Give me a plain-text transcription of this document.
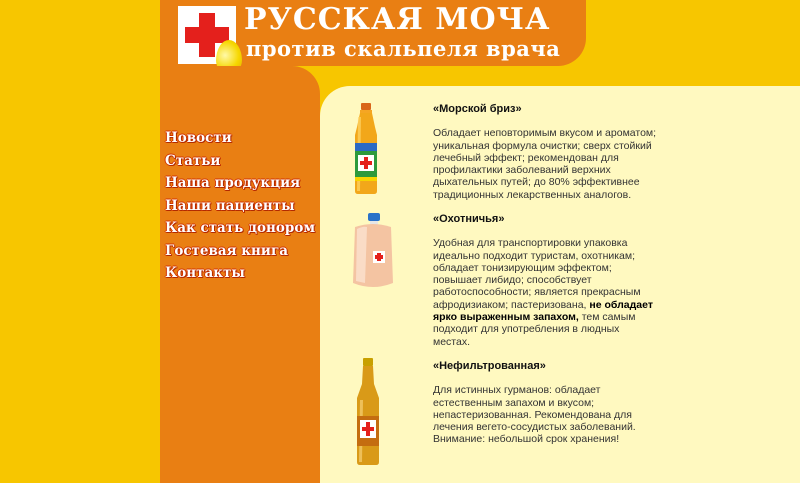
РУССКАЯ МОЧА
против скальпеля врача
Новости
Статьи
Наша продукция
Наши пациенты
Как стать донором
Гостевая книга
Контакты
«Морской бриз»
Обладает неповторимым вкусом и ароматом; уникальная формула очистки; сверх стойкий лечебный эффект; рекомендован для профилактики заболеваний верхних дыхательных путей; до 80% эффективнее традиционных лекарственных аналогов.
«Охотничья»
Удобная для транспортировки упаковка идеально подходит туристам, охотникам; обладает тонизирующим эффектом; повышает либидо; способствует работоспособности; является прекрасным афродизиаком; пастеризована, не обладает ярко выраженным запахом, тем самым подходит для употребления в людных местах.
«Нефильтрованная»
Для истинных гурманов: обладает естественным запахом и вкусом; непастеризованная. Рекомендована для лечения вегето-сосудистых заболеваний. Внимание: небольшой срок хранения!
